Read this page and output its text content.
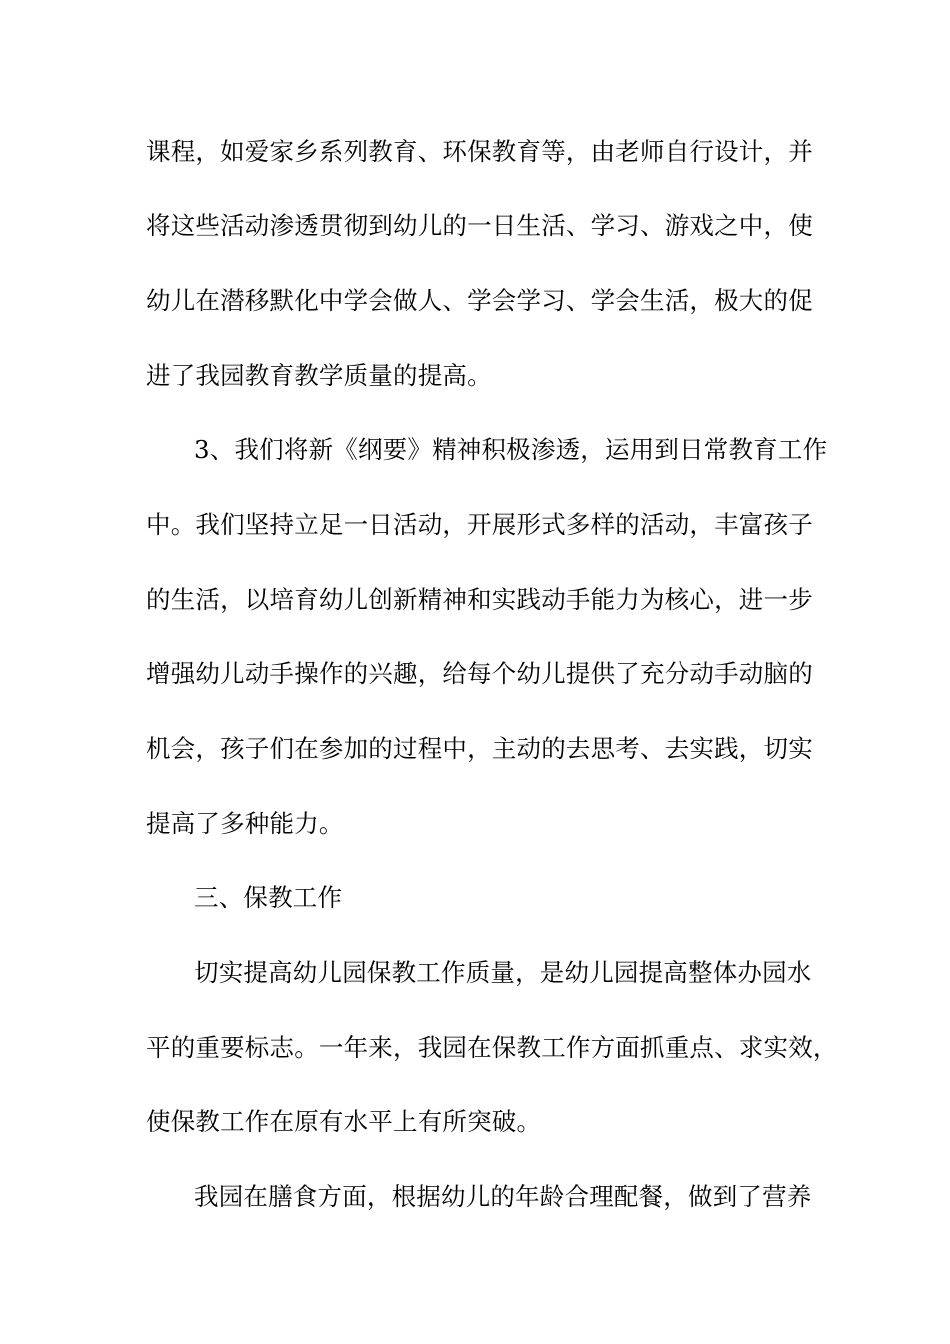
课程，如爱家乡系列教育、环保教育等，由老师自行设计，并
将这些活动渗透贯彻到幼儿的一日生活、学习、游戏之中，使
幼儿在潜移默化中学会做人、学会学习、学会生活，极大的促
进了我园教育教学质量的提高。
3、我们将新《纲要》精神积极渗透，运用到日常教育工作
中。我们坚持立足一日活动，开展形式多样的活动，丰富孩子
的生活，以培育幼儿创新精神和实践动手能力为核心，进一步
增强幼儿动手操作的兴趣，给每个幼儿提供了充分动手动脑的
机会，孩子们在参加的过程中，主动的去思考、去实践，切实
提高了多种能力。
三、保教工作
切实提高幼儿园保教工作质量，是幼儿园提高整体办园水
平的重要标志。一年来，我园在保教工作方面抓重点、求实效，
使保教工作在原有水平上有所突破。
我园在膳食方面，根据幼儿的年龄合理配餐，做到了营养
